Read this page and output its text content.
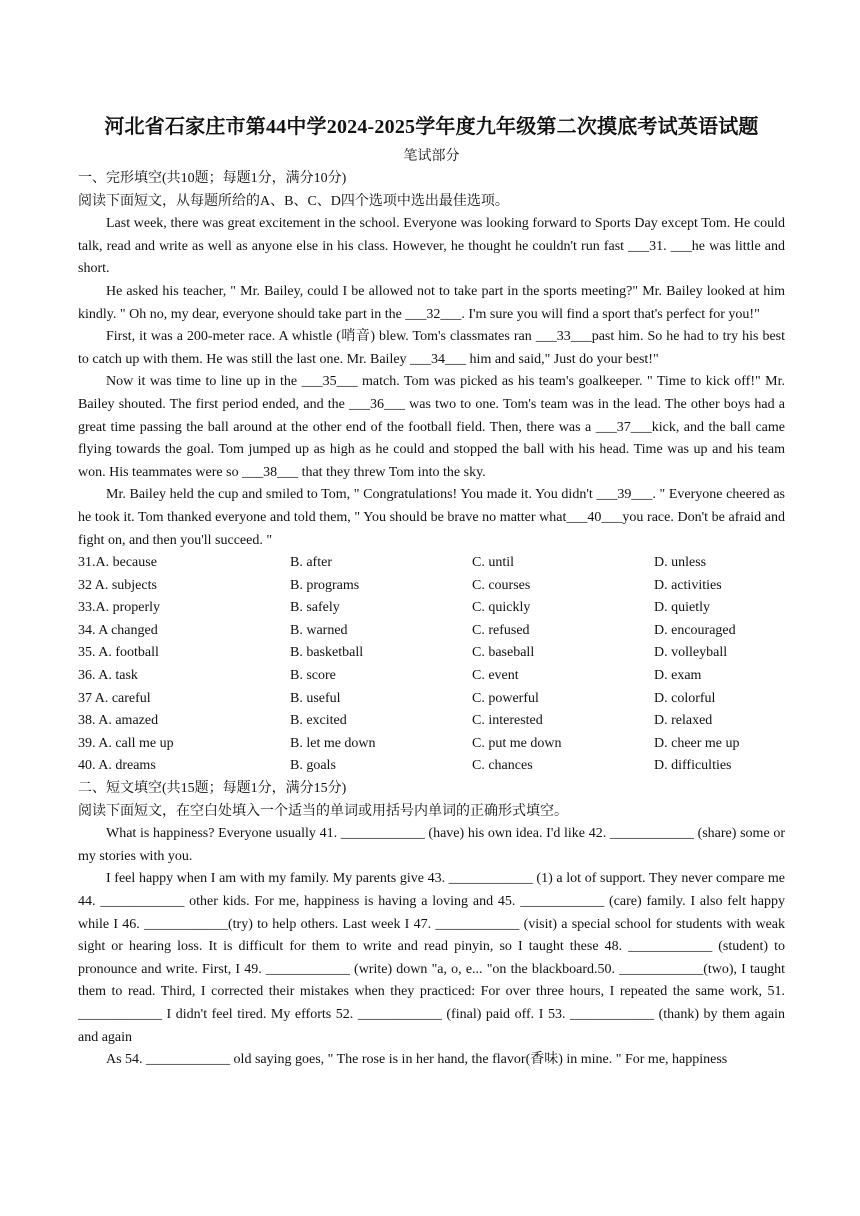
河北省石家庄市第44中学2024-2025学年度九年级第二次摸底考试英语试题
笔试部分
一、完形填空(共10题；每题1分，满分10分)
阅读下面短文，从每题所给的A、B、C、D四个选项中选出最佳选项。

Last week, there was great excitement in the school. Everyone was looking forward to Sports Day except Tom. He could talk, read and write as well as anyone else in his class. However, he thought he couldn't run fast ___31. ___he was little and short.

He asked his teacher, " Mr. Bailey, could I be allowed not to take part in the sports meeting?" Mr. Bailey looked at him kindly. " Oh no, my dear, everyone should take part in the ___32___. I'm sure you will find a sport that's perfect for you!"

First, it was a 200-meter race. A whistle (哨音) blew. Tom's classmates ran ___33___past him. So he had to try his best to catch up with them. He was still the last one. Mr. Bailey ___34___ him and said," Just do your best!"

Now it was time to line up in the ___35___ match. Tom was picked as his team's goalkeeper. " Time to kick off!" Mr. Bailey shouted. The first period ended, and the ___36___ was two to one. Tom's team was in the lead. The other boys had a great time passing the ball around at the other end of the football field. Then, there was a ___37___kick, and the ball came flying towards the goal. Tom jumped up as high as he could and stopped the ball with his head. Time was up and his team won. His teammates were so ___38___ that they threw Tom into the sky.

Mr. Bailey held the cup and smiled to Tom, " Congratulations! You made it. You didn't ___39___. " Everyone cheered as he took it. Tom thanked everyone and told them, " You should be brave no matter what___40___you race. Don't be afraid and fight on, and then you'll succeed. "

31.A. because	B. after	C. until	D. unless
32 A. subjects	B. programs	C. courses	D. activities
33.A. properly	B. safely	C. quickly	D. quietly
34. A changed	B. warned	C. refused	D. encouraged
35. A. football	B. basketball	C. baseball	D. volleyball
36. A. task	B. score	C. event	D. exam
37 A. careful	B. useful	C. powerful	D. colorful
38. A. amazed	B. excited	C. interested	D. relaxed
39. A. call me up	B. let me down	C. put me down	D. cheer me up
40. A. dreams	B. goals	C. chances	D. difficulties
二、短文填空(共15题；每题1分，满分15分)
阅读下面短文，在空白处填入一个适当的单词或用括号内单词的正确形式填空。

What is happiness? Everyone usually 41. ____________ (have) his own idea. I'd like 42. ____________ (share) some or my stories with you.

I feel happy when I am with my family. My parents give 43. ____________ (1) a lot of support. They never compare me 44. ____________ other kids. For me, happiness is having a loving and 45. ____________ (care) family. I also felt happy while I 46. ____________(try) to help others. Last week I 47. ____________ (visit) a special school for students with weak sight or hearing loss. It is difficult for them to write and read pinyin, so I taught these 48. ____________ (student) to pronounce and write. First, I 49. ____________ (write) down "a, o, e... "on the blackboard.50. ____________(two), I taught them to read. Third, I corrected their mistakes when they practiced: For over three hours, I repeated the same work, 51. ____________ I didn't feel tired. My efforts 52. ____________ (final) paid off. I 53. ____________ (thank) by them again and again

As 54. ____________ old saying goes, " The rose is in her hand, the flavor(香味) in mine. " For me, happiness
